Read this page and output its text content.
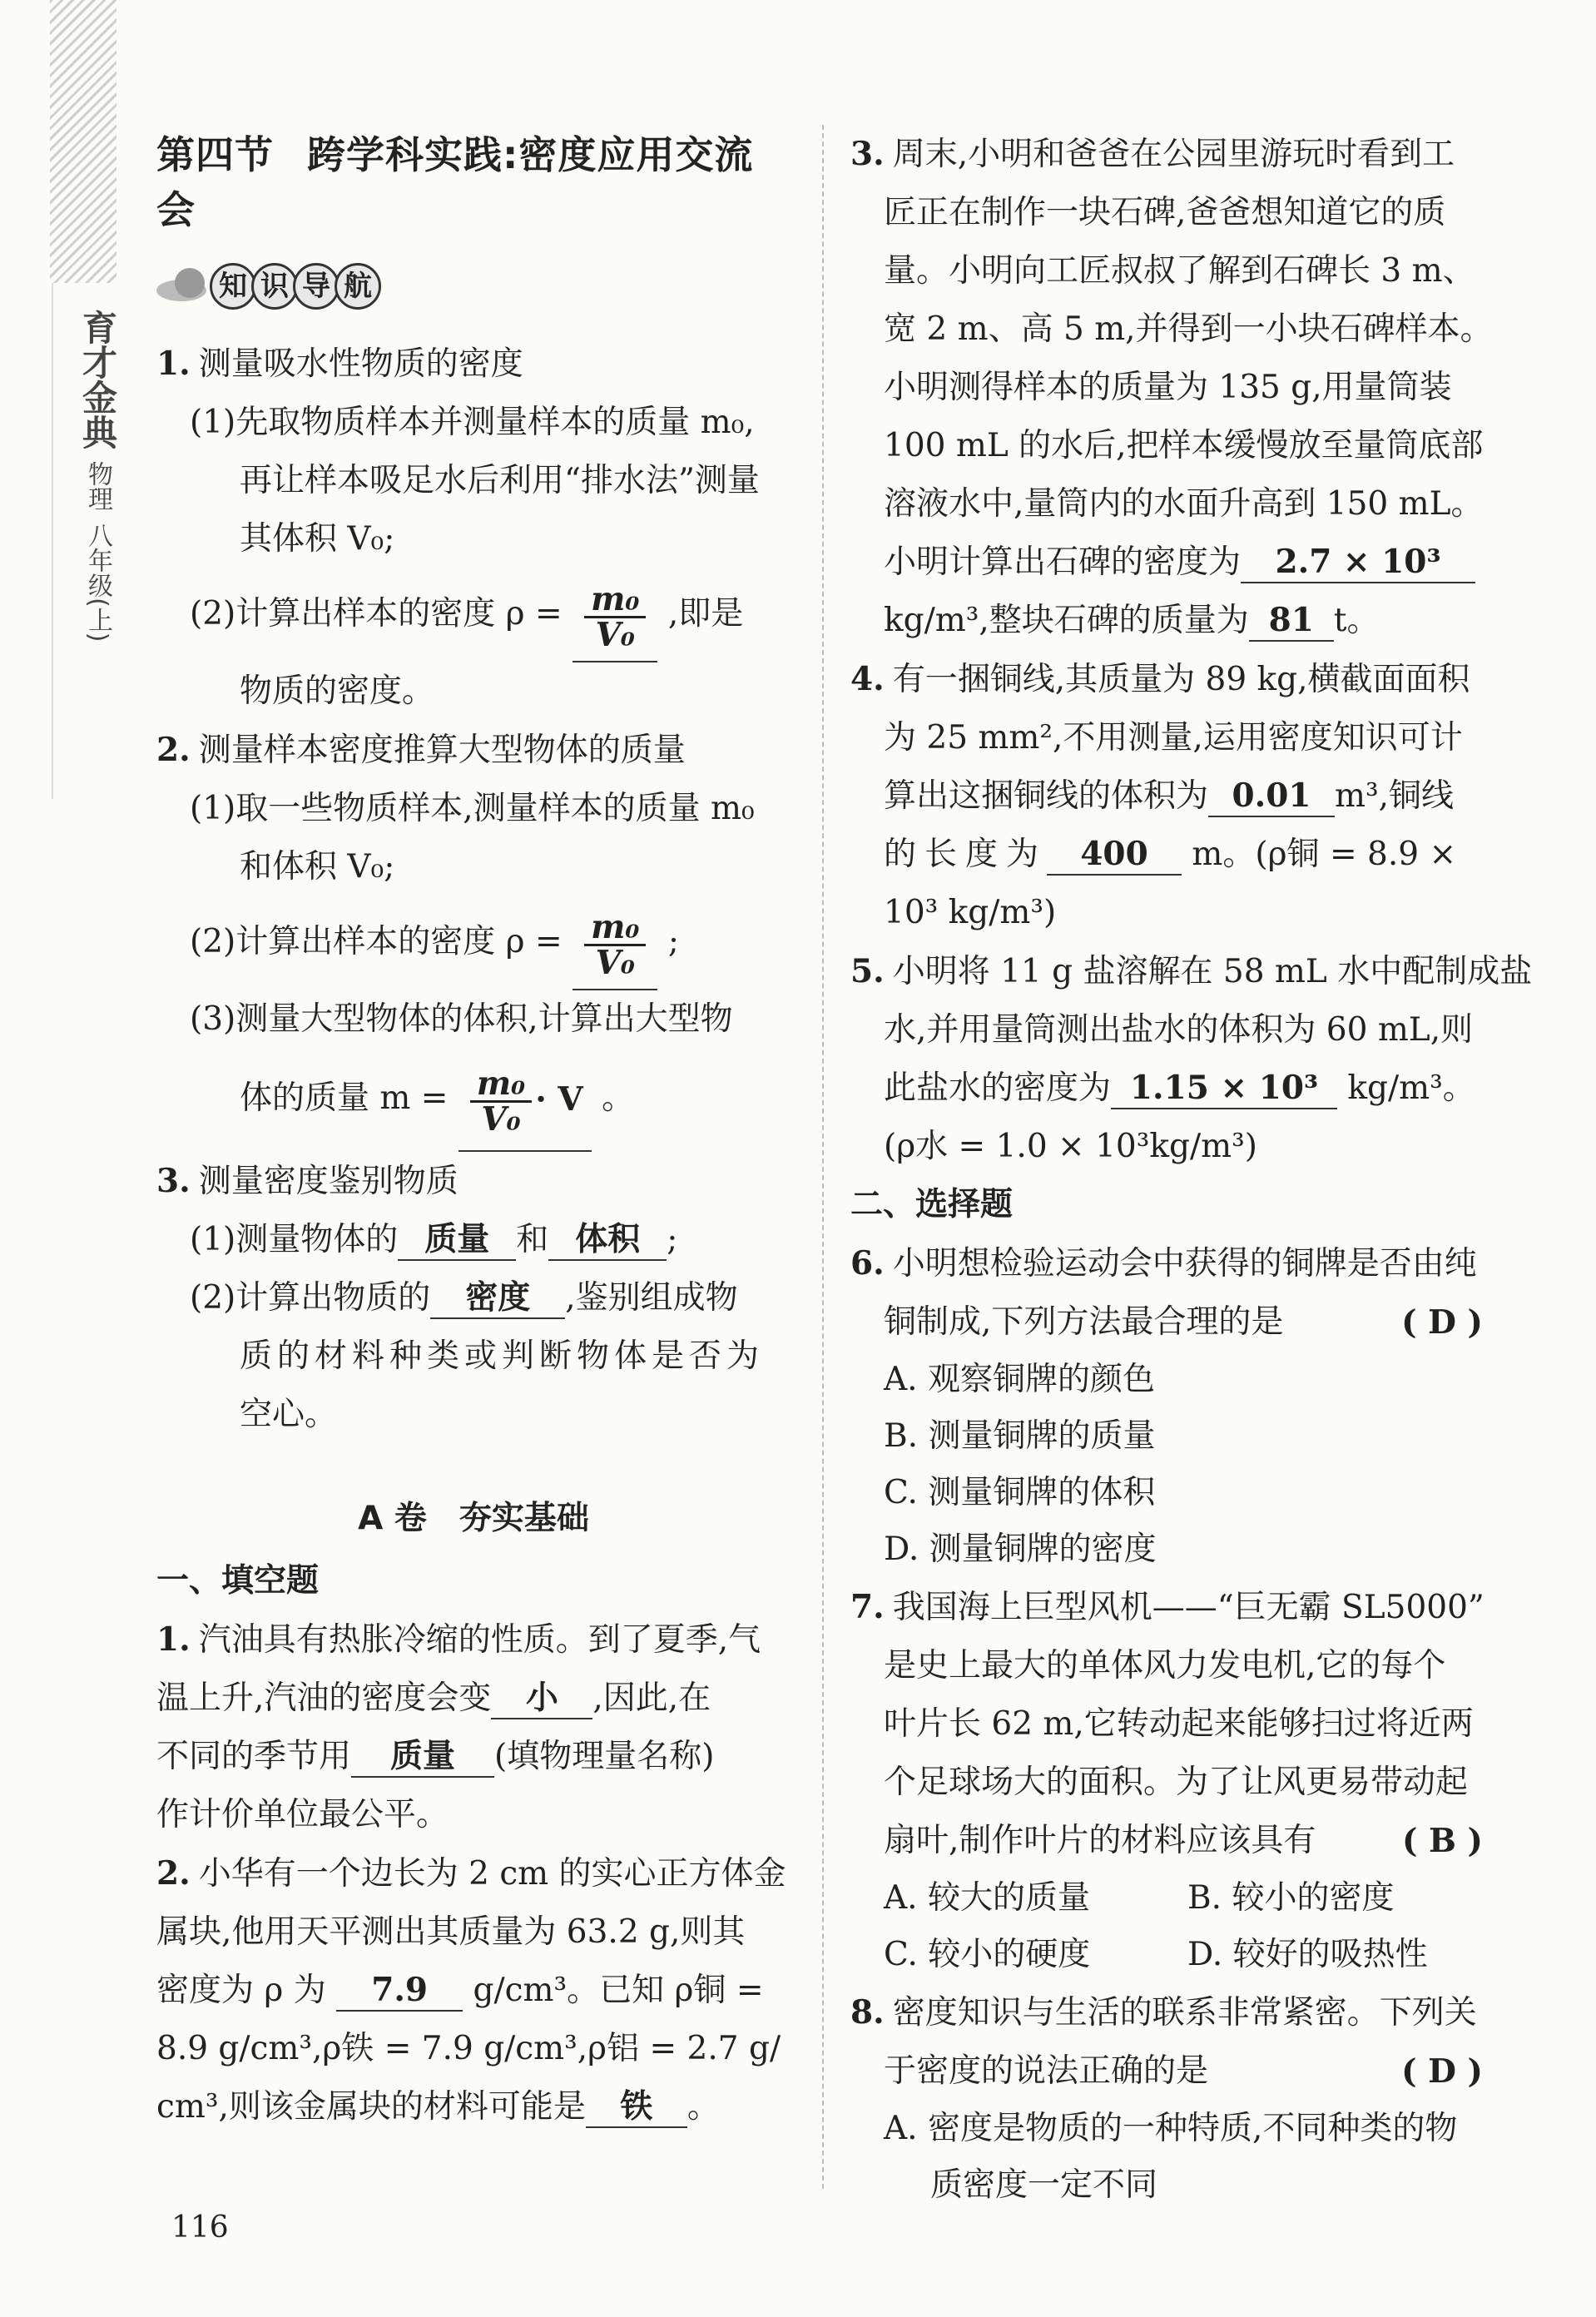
育才金典
物理
八年级(上)
第四节 跨学科实践:密度应用交流会
知 识 导 航
1. 测量吸水性物质的密度
(1)先取物质样本并测量样本的质量 m₀,
再让样本吸足水后利用“排水法”测量
其体积 V₀;
(2)计算出样本的密度 $\rho = \frac{\text{m₀}}{\text{V₀}}$ ,即是
物质的密度。
2. 测量样本密度推算大型物体的质量
(1)取一些物质样本,测量样本的质量 m₀
和体积 V₀;
(2)计算出样本的密度 $\rho = \frac{\text{m₀}}{\text{V₀}}$ ;
(3)测量大型物体的体积,计算出大型物
体的质量 $m = \frac{\text{m₀}}{\text{V₀}} \cdot V$ 。
3. 测量密度鉴别物质
(1)测量物体的 质量 和 体积 ;
(2)计算出物质的 密度 ,鉴别组成物
质的材料种类或判断物体是否为
空心。
A 卷　夯实基础
一、填空题
1. 汽油具有热胀冷缩的性质。到了夏季,气
温上升,汽油的密度会变 小 ,因此,在
不同的季节用 质量 (填物理量名称)
作计价单位最公平。
2. 小华有一个边长为 2 cm 的实心正方体金
属块,他用天平测出其质量为 63.2 g,则其
密度为 ρ 为 7.9 g/cm³。已知 ρ铜 =
8.9 g/cm³,ρ铁 = 7.9 g/cm³,ρ铝 = 2.7 g/
cm³,则该金属块的材料可能是 铁 。
3. 周末,小明和爸爸在公园里游玩时看到工
匠正在制作一块石碑,爸爸想知道它的质
量。小明向工匠叔叔了解到石碑长 3 m、
宽 2 m、高 5 m,并得到一小块石碑样本。
小明测得样本的质量为 135 g,用量筒装
100 mL 的水后,把样本缓慢放至量筒底部
溶液水中,量筒内的水面升高到 150 mL。
小明计算出石碑的密度为 2.7 × 10³
kg/m³,整块石碑的质量为 81 t。
4. 有一捆铜线,其质量为 89 kg,横截面面积
为 25 mm²,不用测量,运用密度知识可计
算出这捆铜线的体积为 0.01 m³,铜线
的长度为 400 m。(ρ铜 = 8.9 ×
10³ kg/m³)
5. 小明将 11 g 盐溶解在 58 mL 水中配制成盐
水,并用量筒测出盐水的体积为 60 mL,则
此盐水的密度为 1.15 × 10³ kg/m³。
(ρ水 = 1.0 × 10³kg/m³)
二、选择题
6. 小明想检验运动会中获得的铜牌是否由纯
铜制成,下列方法最合理的是	( D )
A. 观察铜牌的颜色
B. 测量铜牌的质量
C. 测量铜牌的体积
D. 测量铜牌的密度
7. 我国海上巨型风机——“巨无霸 SL5000”
是史上最大的单体风力发电机,它的每个
叶片长 62 m,它转动起来能够扫过将近两
个足球场大的面积。为了让风更易带动起
扇叶,制作叶片的材料应该具有	( B )
A. 较大的质量	B. 较小的密度
C. 较小的硬度	D. 较好的吸热性
8. 密度知识与生活的联系非常紧密。下列关
于密度的说法正确的是	( D )
A. 密度是物质的一种特质,不同种类的物
质密度一定不同
116
